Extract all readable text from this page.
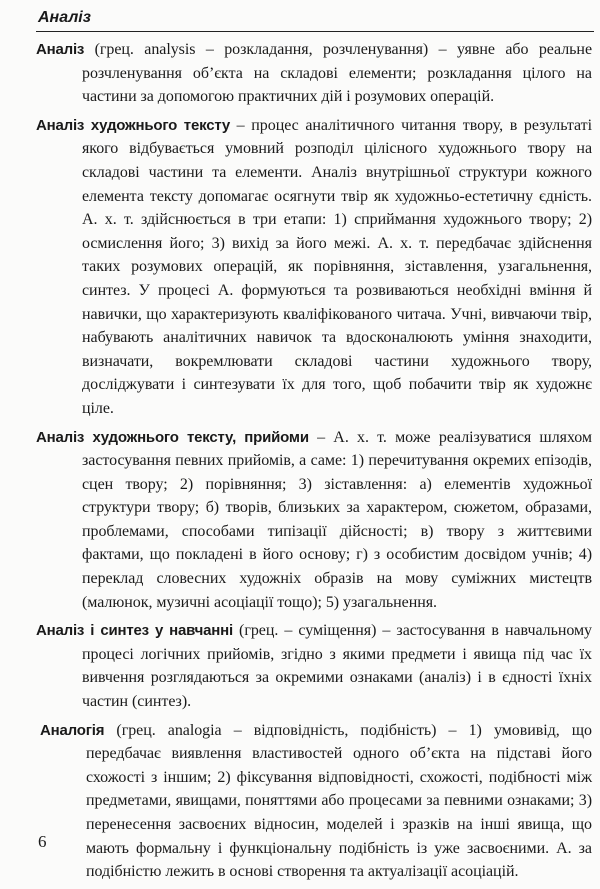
Аналіз

Аналіз (грец. analysis – розкладання, розчленування) – уявне або реальне розчленування об’єкта на складові елементи; розкладання цілого на частини за допомогою практичних дій і розумових операцій.

Аналіз художнього тексту – процес аналітичного читання твору, в результаті якого відбувається умовний розподіл цілісного художнього твору на складові частини та елементи. Аналіз внутрішньої структури кожного елемента тексту допомагає осягнути твір як художньо-естетичну єдність. А. х. т. здійснюється в три етапи: 1) сприймання художнього твору; 2) осмислення його; 3) вихід за його межі. А. х. т. передбачає здійснення таких розумових операцій, як порівняння, зіставлення, узагальнення, синтез. У процесі А. формуються та розвиваються необхідні вміння й навички, що характеризують кваліфікованого читача. Учні, вивчаючи твір, набувають аналітичних навичок та вдосконалюють уміння знаходити, визначати, вокремлювати складові частини художнього твору, досліджувати і синтезувати їх для того, щоб побачити твір як художнє ціле.

Аналіз художнього тексту, прийоми – А. х. т. може реалізуватися шляхом застосування певних прийомів, а саме: 1) перечитування окремих епізодів, сцен твору; 2) порівняння; 3) зіставлення: а) елементів художньої структури твору; б) творів, близьких за характером, сюжетом, образами, проблемами, способами типізації дійсності; в) твору з життєвими фактами, що покладені в його основу; г) з особистим досвідом учнів; 4) переклад словесних художніх образів на мову суміжних мистецтв (малюнок, музичні асоціації тощо); 5) узагальнення.

Аналіз і синтез у навчанні (грец. – суміщення) – застосування в навчальному процесі логічних прийомів, згідно з якими предмети і явища під час їх вивчення розглядаються за окремими ознаками (аналіз) і в єдності їхніх частин (синтез).

Аналогія (грец. analogia – відповідність, подібність) – 1) умовивід, що передбачає виявлення властивостей одного об’єкта на підставі його схожості з іншим; 2) фіксування відповідності, схожості, подібності між предметами, явищами, поняттями або процесами за певними ознаками; 3) перенесення засвоєних відносин, моделей і зразків на інші явища, що мають формальну і функціональну подібність із уже засвоєними. А. за подібністю лежить в основі створення та актуалізації асоціацій.

6
